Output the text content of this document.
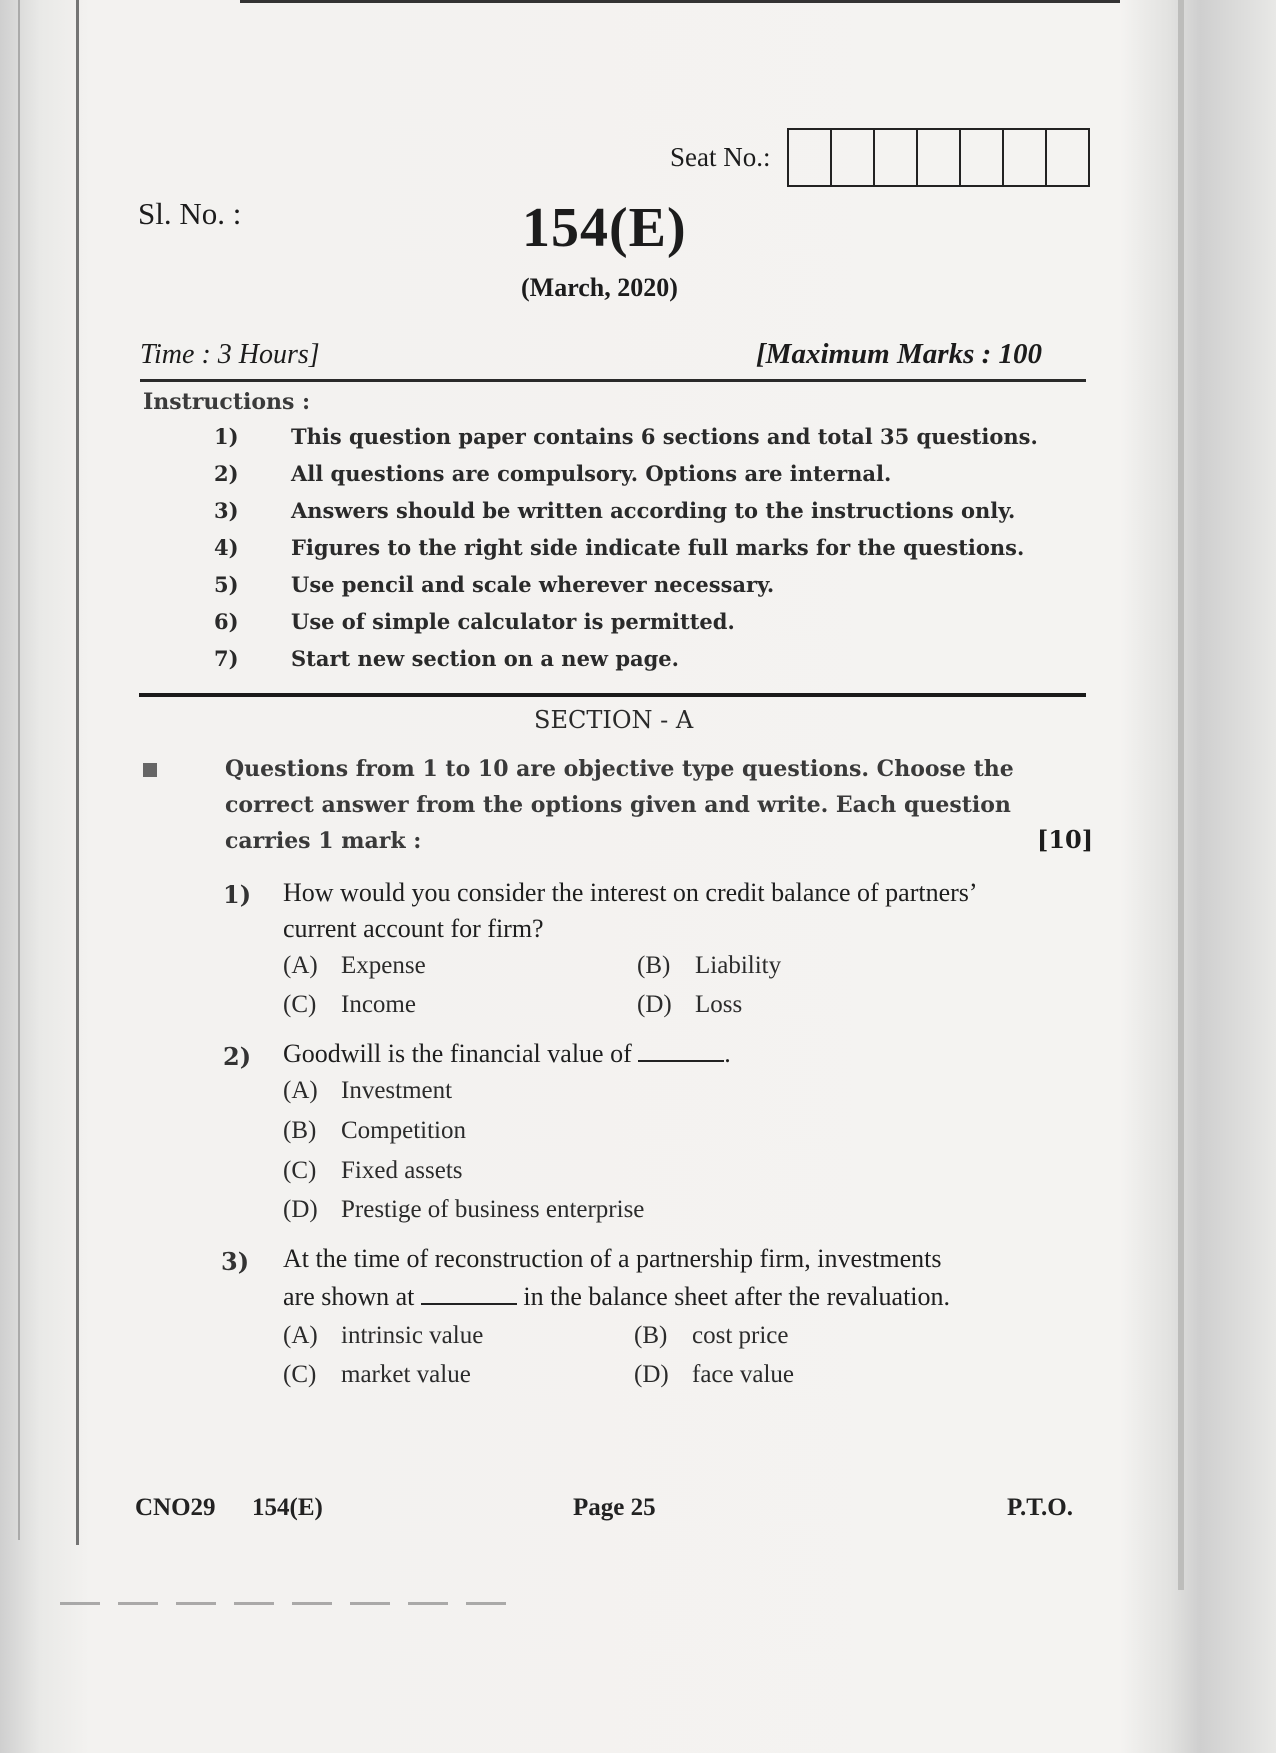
Seat No.:
Sl. No. :	154(E)
(March, 2020)
Time : 3 Hours]	[Maximum Marks : 100
Instructions :
1)	This question paper contains 6 sections and total 35 questions.
2)	All questions are compulsory. Options are internal.
3)	Answers should be written according to the instructions only.
4)	Figures to the right side indicate full marks for the questions.
5)	Use pencil and scale wherever necessary.
6)	Use of simple calculator is permitted.
7)	Start new section on a new page.
SECTION - A
Questions from 1 to 10 are objective type questions. Choose the
correct answer from the options given and write. Each question
carries 1 mark :	[10]
1) How would you consider the interest on credit balance of partners’
current account for firm?
(A) Expense	(B) Liability
(C) Income	(D) Loss
2) Goodwill is the financial value of	.
(A) Investment
(B) Competition
(C) Fixed assets
(D) Prestige of business enterprise
3) At the time of reconstruction of a partnership firm, investments
are shown at	in the balance sheet after the revaluation.
(A) intrinsic value	(B) cost price
(C) market value	(D) face value
CNO29 154(E)	Page 25	P.T.O.
